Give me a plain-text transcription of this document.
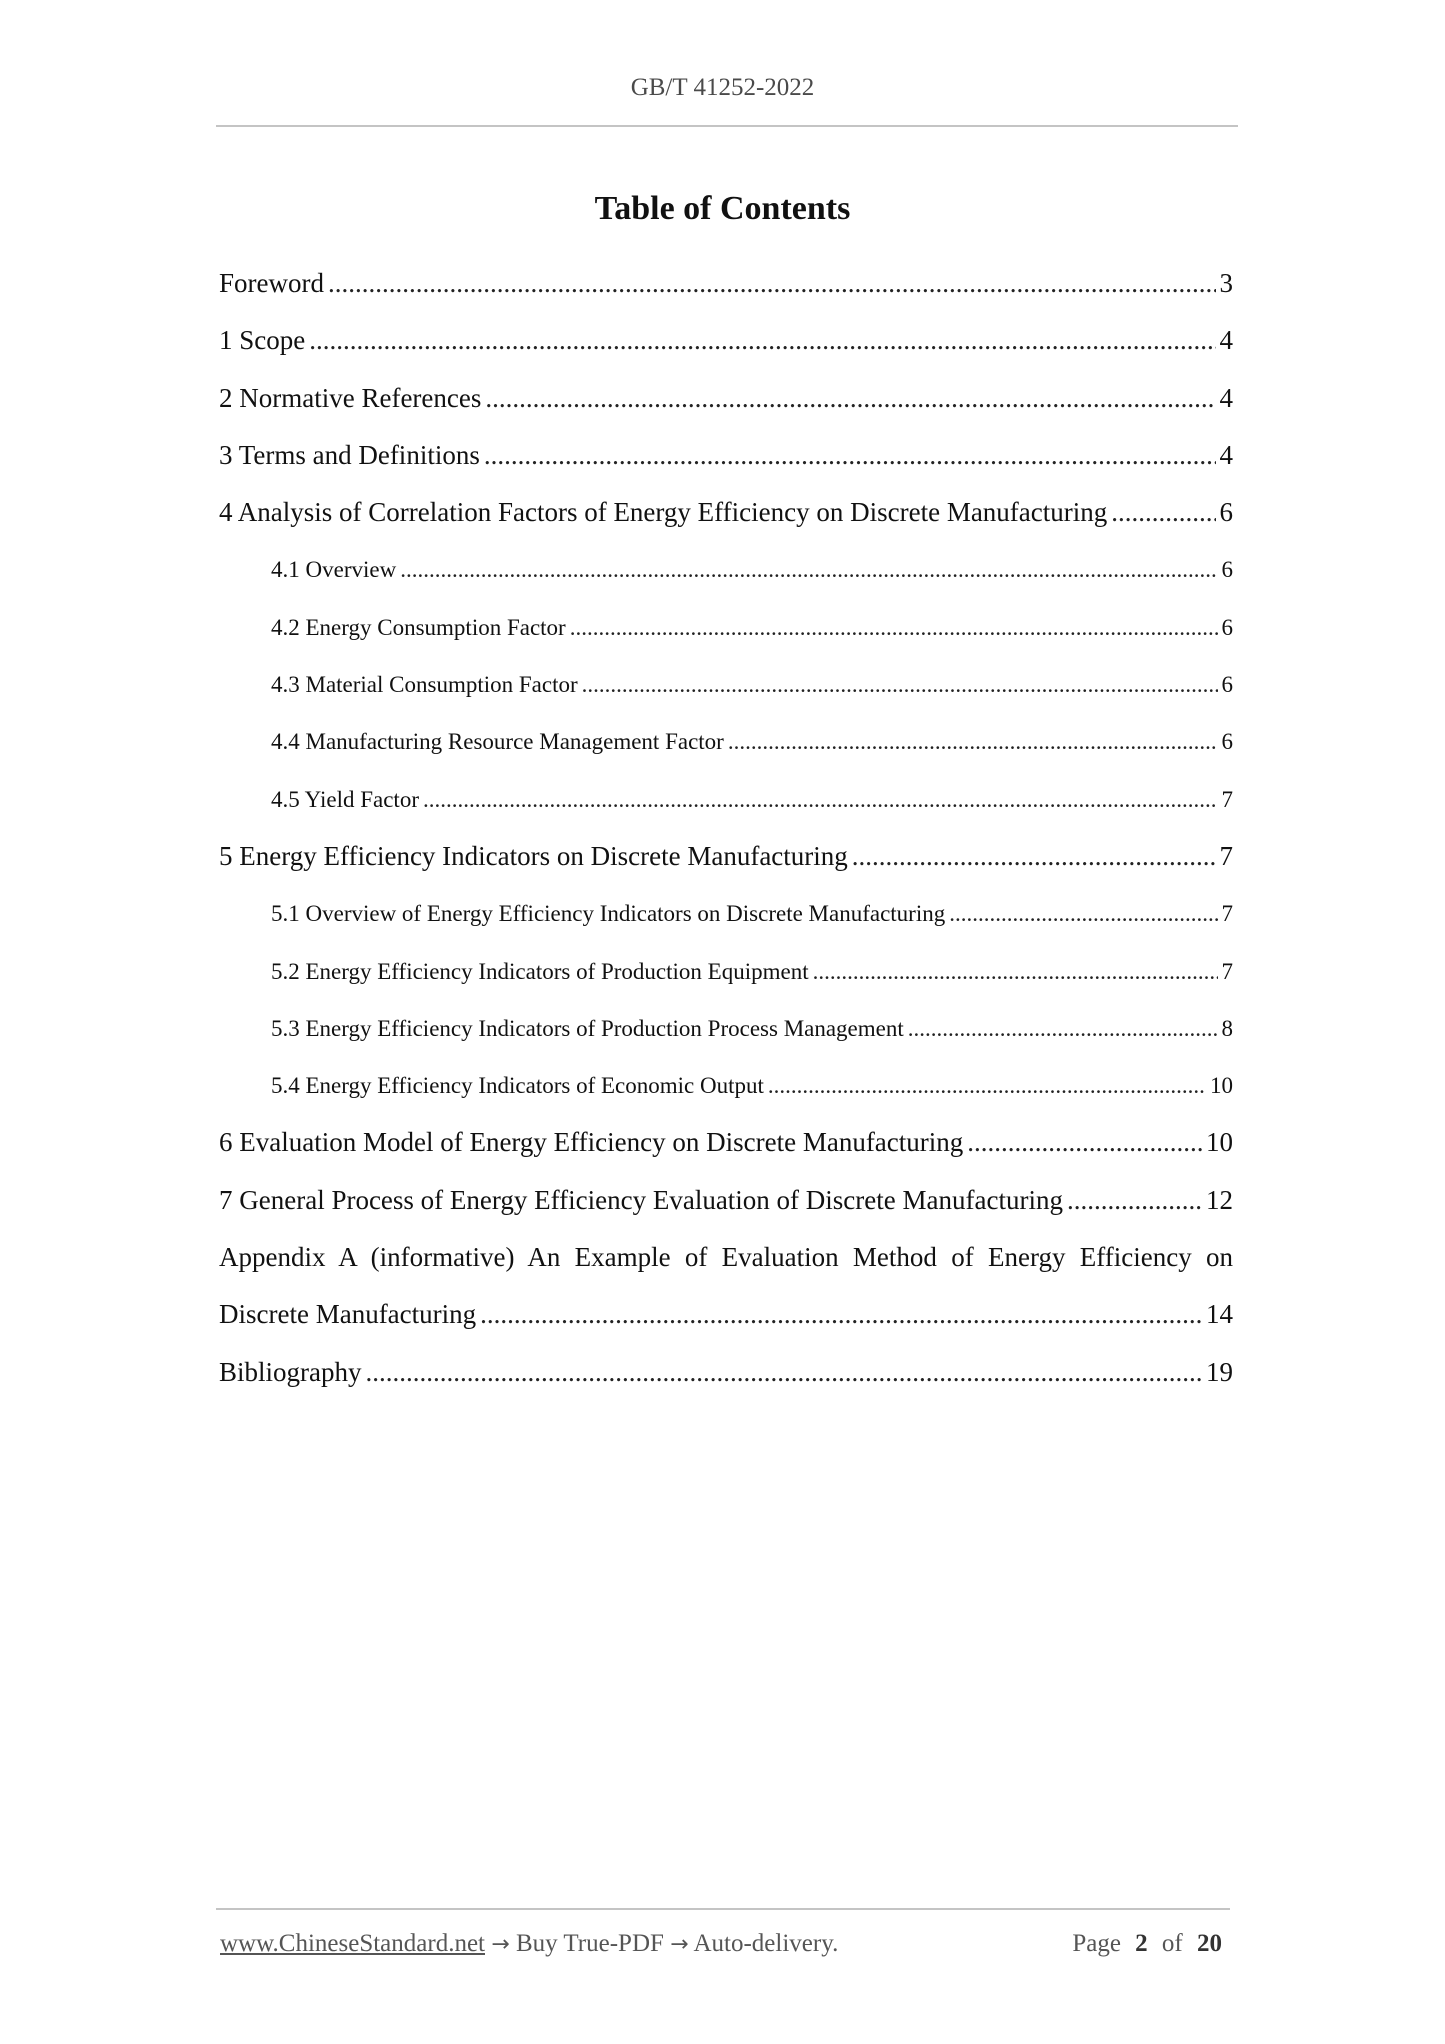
GB/T 41252-2022
Table of Contents
Foreword .....	3
1 Scope .....	4
2 Normative References .....	4
3 Terms and Definitions .....	4
4 Analysis of Correlation Factors of Energy Efficiency on Discrete Manufacturing .....	6
4.1 Overview .....	6
4.2 Energy Consumption Factor .....	6
4.3 Material Consumption Factor .....	6
4.4 Manufacturing Resource Management Factor .....	6
4.5 Yield Factor .....	7
5 Energy Efficiency Indicators on Discrete Manufacturing .....	7
5.1 Overview of Energy Efficiency Indicators on Discrete Manufacturing .....	7
5.2 Energy Efficiency Indicators of Production Equipment .....	7
5.3 Energy Efficiency Indicators of Production Process Management .....	8
5.4 Energy Efficiency Indicators of Economic Output .....	10
6 Evaluation Model of Energy Efficiency on Discrete Manufacturing .....	10
7 General Process of Energy Efficiency Evaluation of Discrete Manufacturing .....	12
Appendix A (informative) An Example of Evaluation Method of Energy Efficiency on
Discrete Manufacturing .....	14
Bibliography .....	19
www.ChineseStandard.net → Buy True-PDF → Auto-delivery.	Page 2 of 20
